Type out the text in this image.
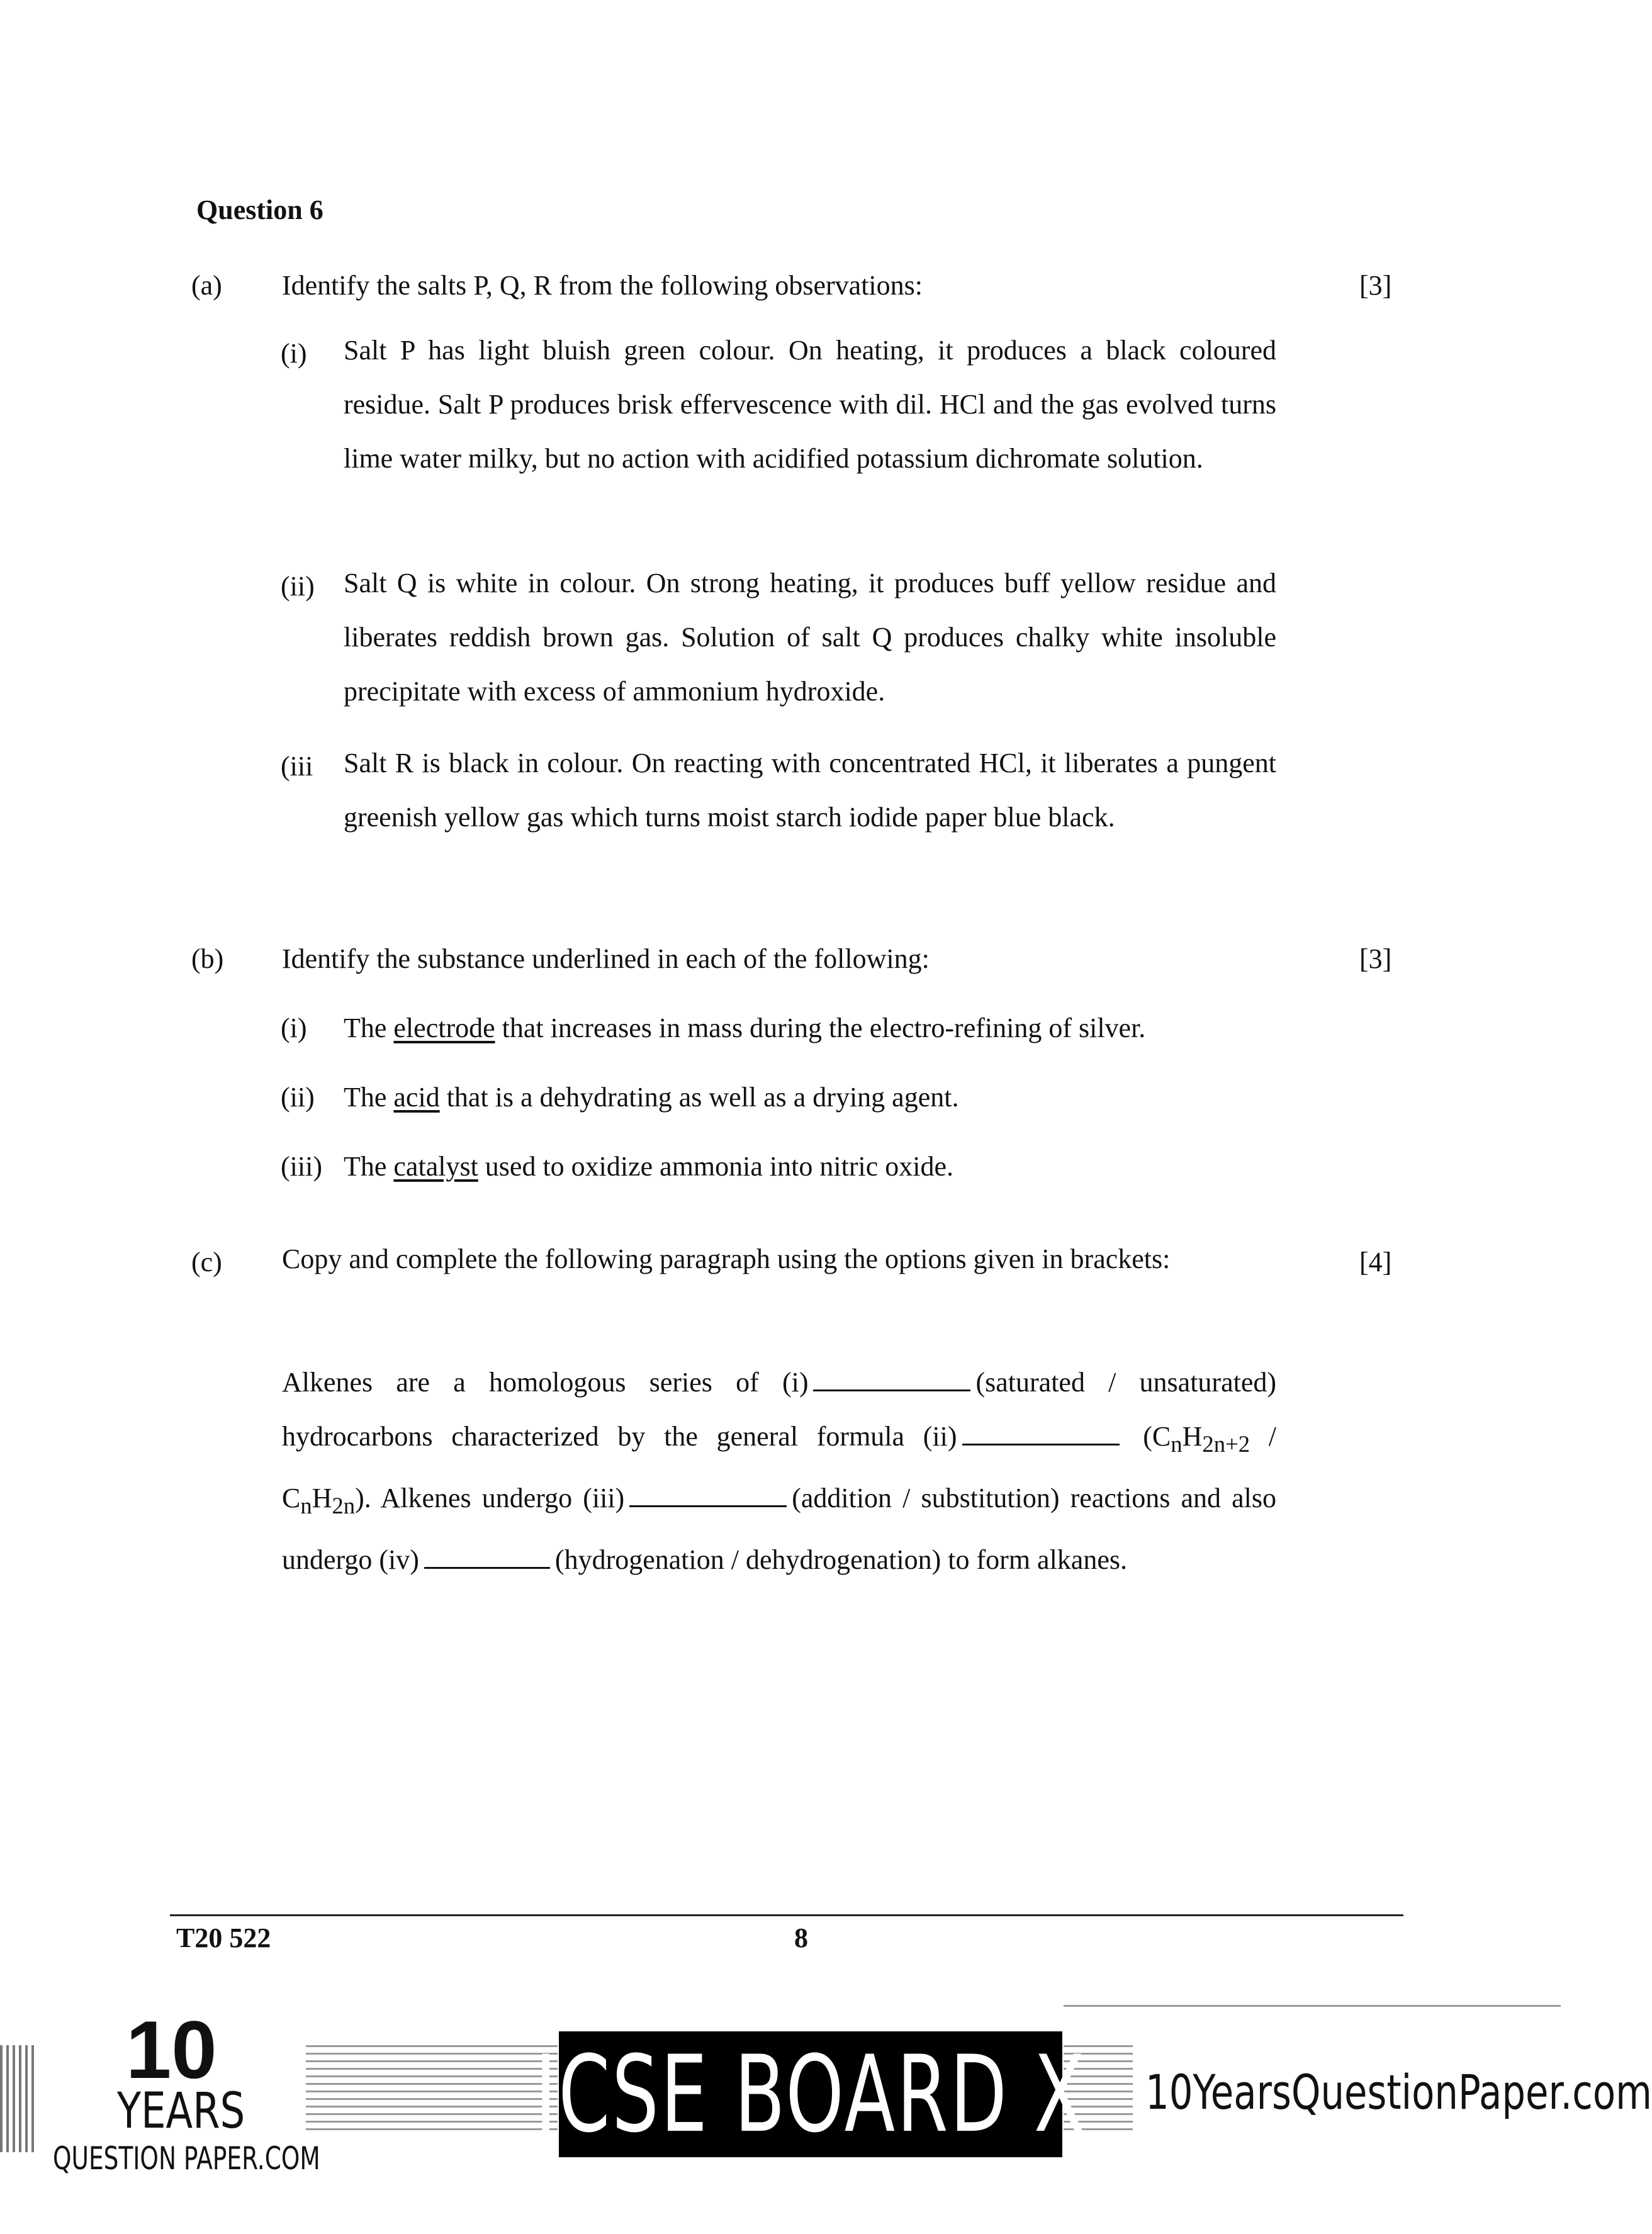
Question 6
(a) Identify the salts P, Q, R from the following observations:	[3]
(i) Salt P has light bluish green colour. On heating, it produces a black coloured residue. Salt P produces brisk effervescence with dil. HCl and the gas evolved turns lime water milky, but no action with acidified potassium dichromate solution.
(ii) Salt Q is white in colour. On strong heating, it produces buff yellow residue and liberates reddish brown gas. Solution of salt Q produces chalky white insoluble precipitate with excess of ammonium hydroxide.
(iii Salt R is black in colour. On reacting with concentrated HCl, it liberates a pungent greenish yellow gas which turns moist starch iodide paper blue black.
(b) Identify the substance underlined in each of the following:	[3]
(i) The electrode that increases in mass during the electro-refining of silver.
(ii) The acid that is a dehydrating as well as a drying agent.
(iii) The catalyst used to oxidize ammonia into nitric oxide.
(c) Copy and complete the following paragraph using the options given in brackets:	[4]
Alkenes are a homologous series of (i)	(saturated / unsaturated) hydrocarbons characterized by the general formula (ii)	$(C_nH_{2n+2} / C_nH_{2n})$. Alkenes undergo (iii)	(addition / substitution) reactions and also undergo (iv)	(hydrogenation / dehydrogenation) to form alkanes.
T20 522	8
10
YEARS
QUESTION PAPER.COM
ICSE BOARD X 10YearsQuestionPaper.com
